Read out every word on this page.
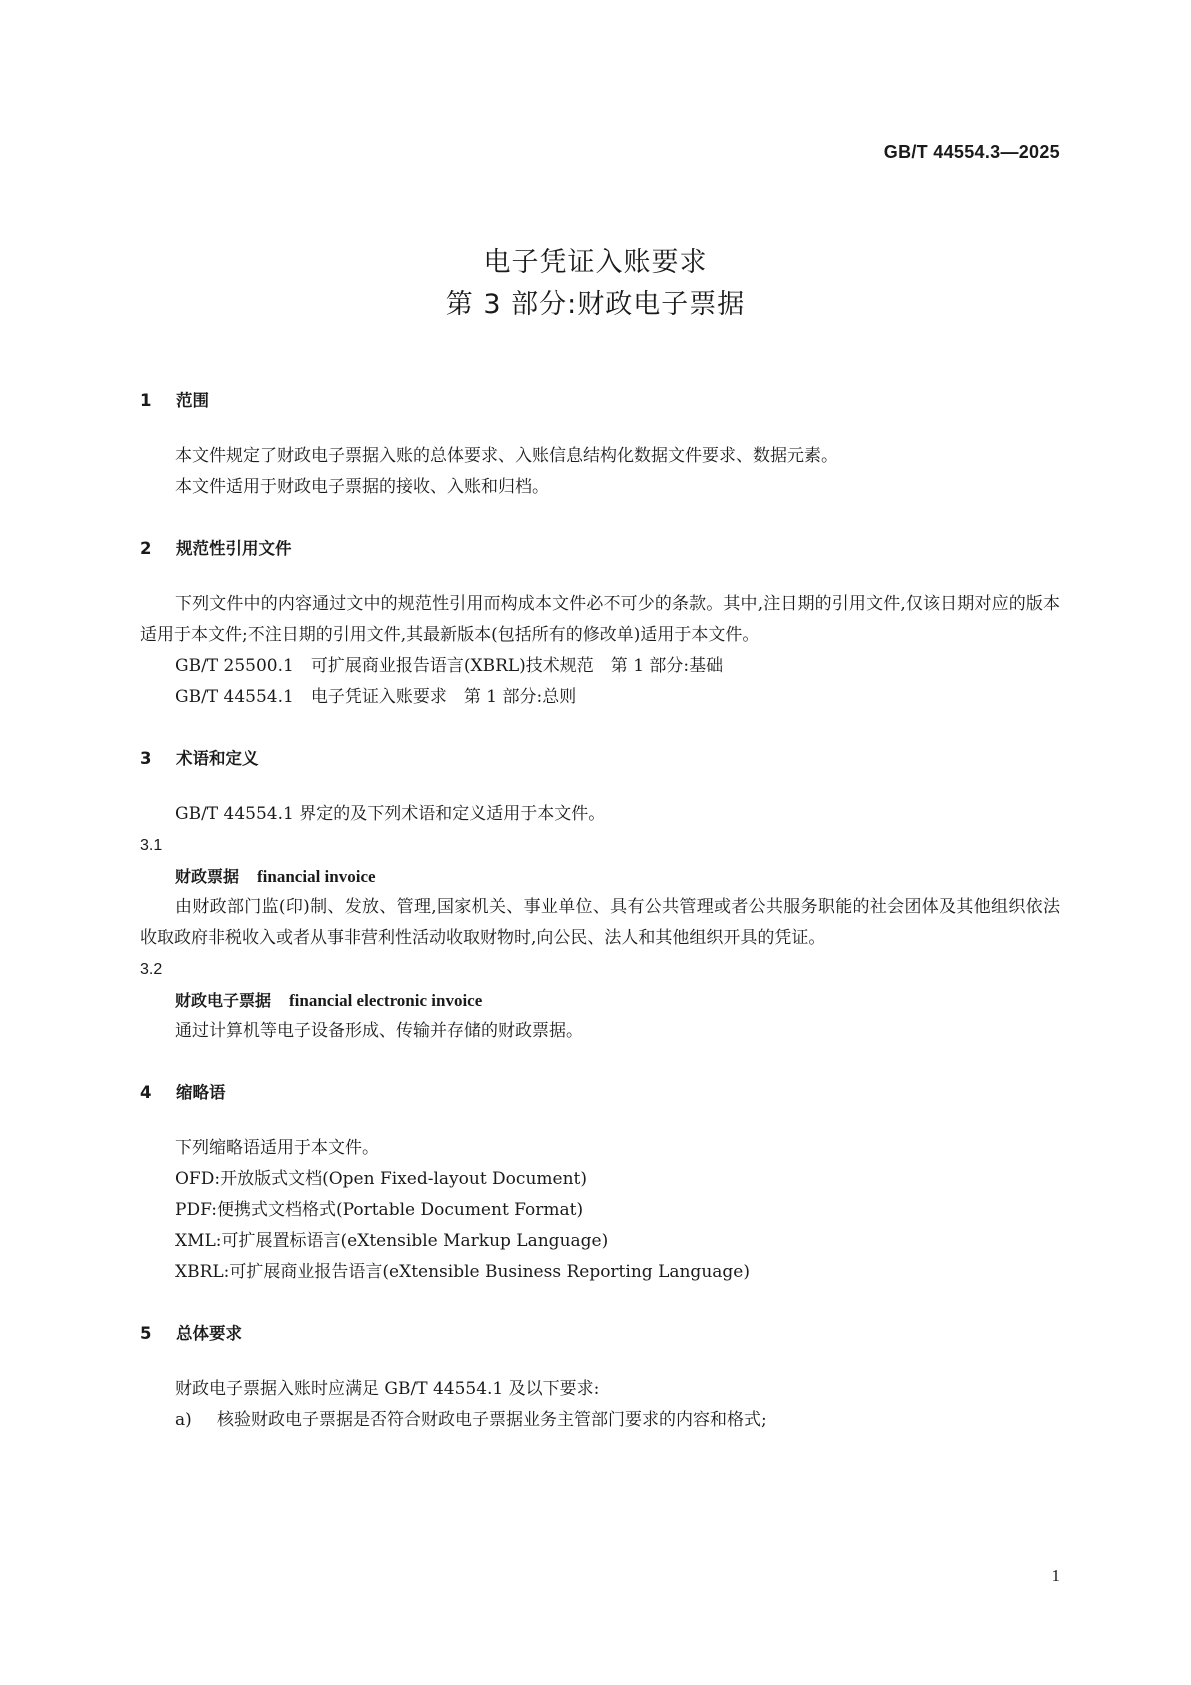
GB/T 44554.3—2025
电子凭证入账要求
第 3 部分:财政电子票据
1	范围

本文件规定了财政电子票据入账的总体要求、入账信息结构化数据文件要求、数据元素。

本文件适用于财政电子票据的接收、入账和归档。

2	规范性引用文件

下列文件中的内容通过文中的规范性引用而构成本文件必不可少的条款。其中,注日期的引用文件,仅该日期对应的版本适用于本文件;不注日期的引用文件,其最新版本(包括所有的修改单)适用于本文件。

GB/T 25500.1　可扩展商业报告语言(XBRL)技术规范　第 1 部分:基础
GB/T 44554.1　电子凭证入账要求　第 1 部分:总则
3	术语和定义

GB/T 44554.1 界定的及下列术语和定义适用于本文件。

3.1
财政票据 financial invoice

由财政部门监(印)制、发放、管理,国家机关、事业单位、具有公共管理或者公共服务职能的社会团体及其他组织依法收取政府非税收入或者从事非营利性活动收取财物时,向公民、法人和其他组织开具的凭证。

3.2
财政电子票据 financial electronic invoice

通过计算机等电子设备形成、传输并存储的财政票据。

4	缩略语

下列缩略语适用于本文件。

OFD:开放版式文档(Open Fixed-layout Document)
PDF:便携式文档格式(Portable Document Format)
XML:可扩展置标语言(eXtensible Markup Language)
XBRL:可扩展商业报告语言(eXtensible Business Reporting Language)
5	总体要求

财政电子票据入账时应满足 GB/T 44554.1 及以下要求:

a)	核验财政电子票据是否符合财政电子票据业务主管部门要求的内容和格式;
1
